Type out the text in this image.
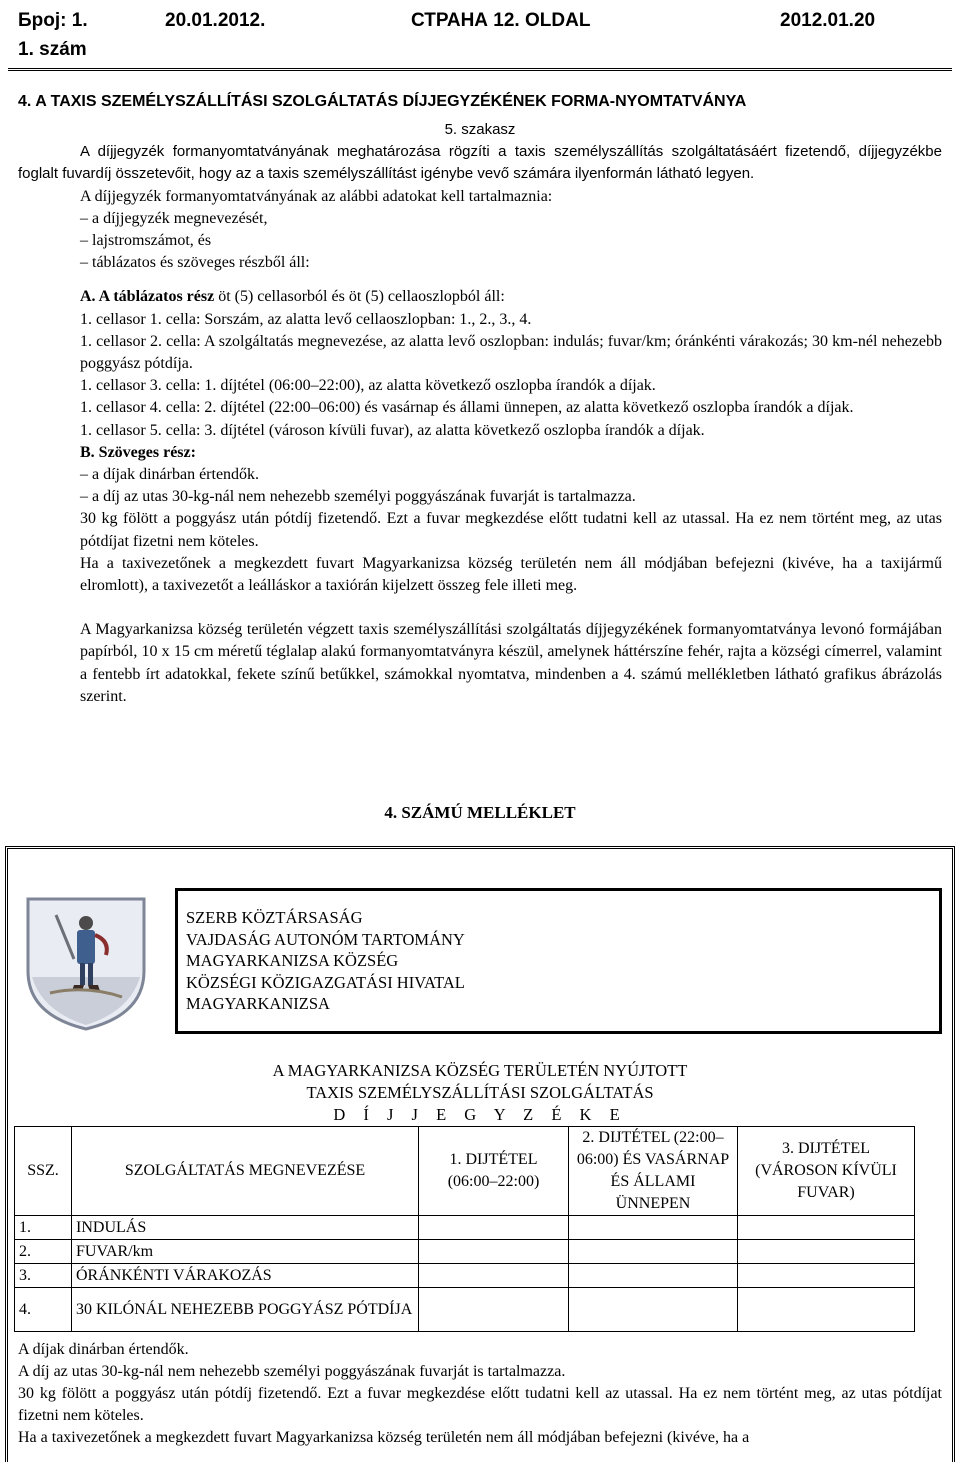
Број: 1.
1. szám
20.01.2012.	СТРАНА 12. OLDAL	2012.01.20
4. A TAXIS SZEMÉLYSZÁLLÍTÁSI SZOLGÁLTATÁS DÍJJEGYZÉKÉNEK FORMA-NYOMTATVÁNYA

5. szakasz

A díjjegyzék formanyomtatványának meghatározása rögzíti a taxis személyszállítás szolgáltatásáért fizetendő, díjjegyzékbe foglalt fuvardíj összetevőit, hogy az a taxis személyszállítást igénybe vevő számára ilyenformán látható legyen.

A díjjegyzék formanyomtatványának az alábbi adatokat kell tartalmaznia:

– a díjjegyzék megnevezését,

– lajstromszámot, és

– táblázatos és szöveges részből áll:

A. A táblázatos rész öt (5) cellasorból és öt (5) cellaoszlopból áll:

1. cellasor 1. cella: Sorszám, az alatta levő cellaoszlopban: 1., 2., 3., 4.

1. cellasor 2. cella: A szolgáltatás megnevezése, az alatta levő oszlopban: indulás; fuvar/km; óránkénti várakozás; 30 km-nél nehezebb poggyász pótdíja.

1. cellasor 3. cella: 1. díjtétel (06:00–22:00), az alatta következő oszlopba írandók a díjak.

1. cellasor 4. cella: 2. díjtétel (22:00–06:00) és vasárnap és állami ünnepen, az alatta következő oszlopba írandók a díjak.

1. cellasor 5. cella: 3. díjtétel (városon kívüli fuvar), az alatta következő oszlopba írandók a díjak.

B. Szöveges rész:

– a díjak dinárban értendők.

– a díj az utas 30-kg-nál nem nehezebb személyi poggyászának fuvarját is tartalmazza.

30 kg fölött a poggyász után pótdíj fizetendő. Ezt a fuvar megkezdése előtt tudatni kell az utassal. Ha ez nem történt meg, az utas pótdíjat fizetni nem köteles.

Ha a taxivezetőnek a megkezdett fuvart Magyarkanizsa község területén nem áll módjában befejezni (kivéve, ha a taxijármű elromlott), a taxivezetőt a leálláskor a taxiórán kijelzett összeg fele illeti meg.

A Magyarkanizsa község területén végzett taxis személyszállítási szolgáltatás díjjegyzékének formanyomtatványa levonó formájában papírból, 10 x 15 cm méretű téglalap alakú formanyomtatványra készül, amelynek háttérszíne fehér, rajta a községi címerrel, valamint a fentebb írt adatokkal, fekete színű betűkkel, számokkal nyomtatva, mindenben a 4. számú mellékletben látható grafikus ábrázolás szerint.

4. SZÁMÚ MELLÉKLET
SZERB KÖZTÁRSASÁG
VAJDASÁG AUTONÓM TARTOMÁNY
MAGYARKANIZSA KÖZSÉG
KÖZSÉGI KÖZIGAZGATÁSI HIVATAL
MAGYARKANIZSA
A MAGYARKANIZSA KÖZSÉG TERÜLETÉN NYÚJTOTT
TAXIS SZEMÉLYSZÁLLÍTÁSI SZOLGÁLTATÁS
D Í J J E G Y Z É K E
SSZ.	SZOLGÁLTATÁS MEGNEVEZÉSE	1. DIJTÉTEL (06:00–22:00)	2. DIJTÉTEL (22:00–06:00) ÉS VASÁRNAP ÉS ÁLLAMI ÜNNEPEN	3. DIJTÉTEL (VÁROSON KÍVÜLI FUVAR)
1.	INDULÁS			
2.	FUVAR/km			
3.	ÓRÁNKÉNTI VÁRAKOZÁS			
4.	30 KILÓNÁL NEHEZEBB POGGYÁSZ PÓTDÍJA			

A díjak dinárban értendők.

A díj az utas 30-kg-nál nem nehezebb személyi poggyászának fuvarját is tartalmazza.

30 kg fölött a poggyász után pótdíj fizetendő. Ezt a fuvar megkezdése előtt tudatni kell az utassal. Ha ez nem történt meg, az utas pótdíjat fizetni nem köteles.

Ha a taxivezetőnek a megkezdett fuvart Magyarkanizsa község területén nem áll módjában befejezni (kivéve, ha a
